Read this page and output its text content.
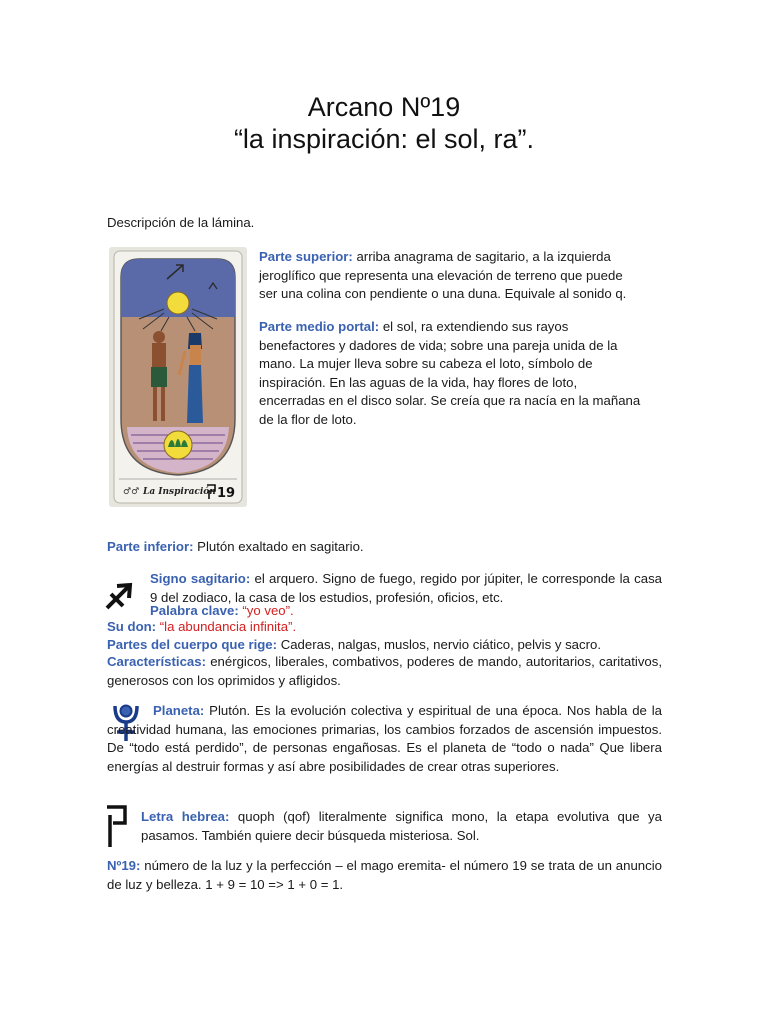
Arcano Nº19
“la inspiración: el sol, ra”.
Descripción de la lámina.
♂♂ La Inspiración 19
Parte superior: arriba anagrama de sagitario, a la izquierda jeroglífico que representa una elevación de terreno que puede ser una colina con pendiente o una duna. Equivale al sonido q.
Parte medio portal: el sol, ra extendiendo sus rayos benefactores y dadores de vida; sobre una pareja unida de la mano. La mujer lleva sobre su cabeza el loto, símbolo de inspiración. En las aguas de la vida, hay flores de loto, encerradas en el disco solar. Se creía que ra nacía en la mañana de la flor de loto.
Parte inferior: Plutón exaltado en sagitario.
Signo sagitario: el arquero. Signo de fuego, regido por júpiter, le corresponde la casa 9 del zodiaco, la casa de los estudios, profesión, oficios, etc.
Palabra clave: “yo veo”.
Su don: “la abundancia infinita”.
Partes del cuerpo que rige: Caderas, nalgas, muslos, nervio ciático, pelvis y sacro.
Características: enérgicos, liberales, combativos, poderes de mando, autoritarios, caritativos, generosos con los oprimidos y afligidos.
Planeta: Plutón. Es la evolución colectiva y espiritual de una época. Nos habla de la creatividad humana, las emociones primarias, los cambios forzados de ascensión impuestos. De “todo está perdido”, de personas engañosas. Es el planeta de “todo o nada” Que libera energías al destruir formas y así abre posibilidades de crear otras superiores.
Letra hebrea: quoph (qof) literalmente significa mono, la etapa evolutiva que ya pasamos. También quiere decir búsqueda misteriosa. Sol.
Nº19: número de la luz y la perfección – el mago eremita- el número 19 se trata de un anuncio de luz y belleza. 1 + 9 = 10 => 1 + 0 = 1.
